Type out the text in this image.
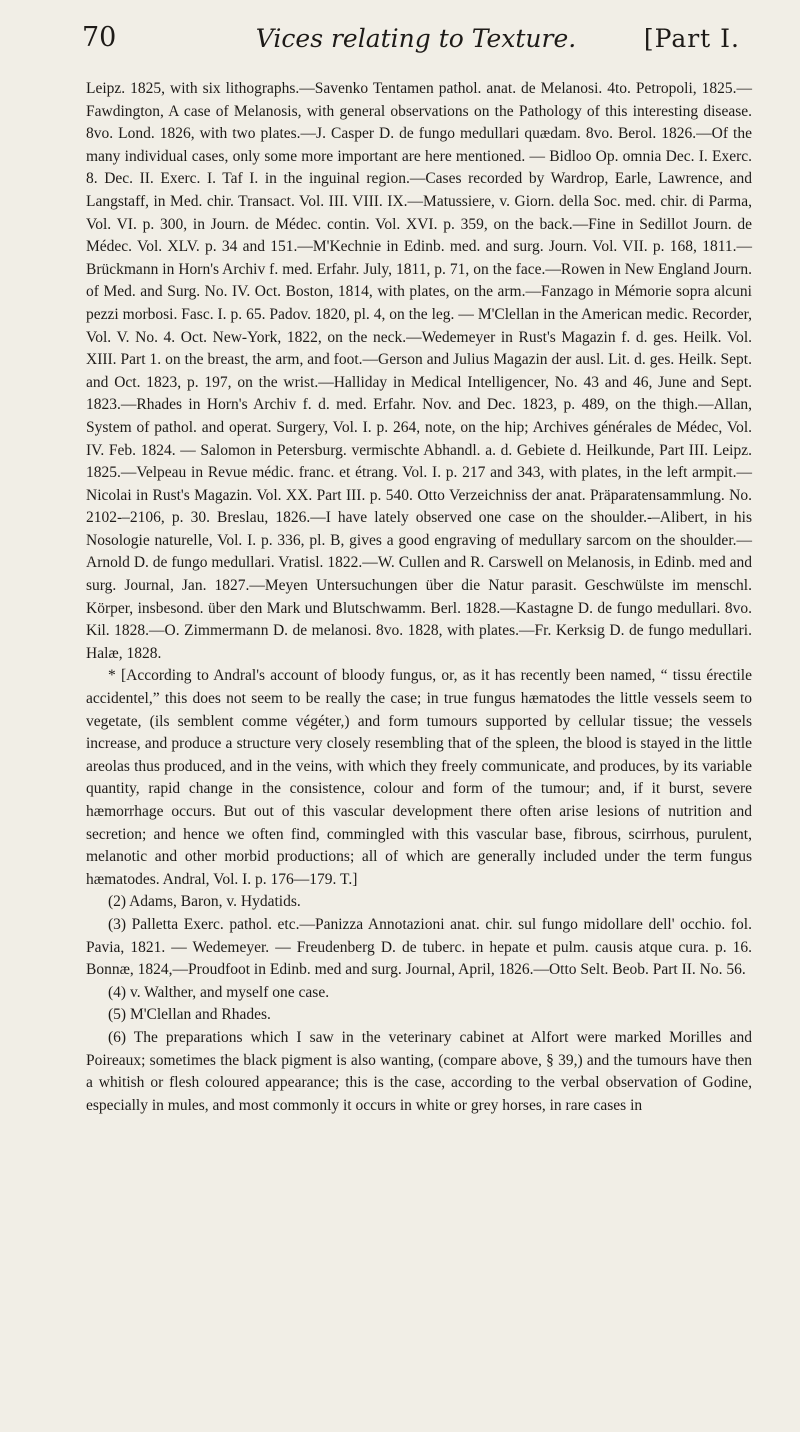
70	Vices relating to Texture.	[Part I.

Leipz. 1825, with six lithographs.—Savenko Tentamen pathol. anat. de Melanosi. 4to. Petropoli, 1825.—Fawdington, A case of Melanosis, with general observations on the Pathology of this interesting disease. 8vo. Lond. 1826, with two plates.—J. Casper D. de fungo medullari quædam. 8vo. Berol. 1826.—Of the many individual cases, only some more important are here mentioned. — Bidloo Op. omnia Dec. I. Exerc. 8. Dec. II. Exerc. I. Taf I. in the inguinal region.—Cases recorded by Wardrop, Earle, Lawrence, and Langstaff, in Med. chir. Transact. Vol. III. VIII. IX.—Matussiere, v. Giorn. della Soc. med. chir. di Parma, Vol. VI. p. 300, in Journ. de Médec. contin. Vol. XVI. p. 359, on the back.—Fine in Sedillot Journ. de Médec. Vol. XLV. p. 34 and 151.—M'Kechnie in Edinb. med. and surg. Journ. Vol. VII. p. 168, 1811.—Brückmann in Horn's Archiv f. med. Erfahr. July, 1811, p. 71, on the face.—Rowen in New England Journ. of Med. and Surg. No. IV. Oct. Boston, 1814, with plates, on the arm.—Fanzago in Mémorie sopra alcuni pezzi morbosi. Fasc. I. p. 65. Padov. 1820, pl. 4, on the leg. — M'Clellan in the American medic. Recorder, Vol. V. No. 4. Oct. New-York, 1822, on the neck.—Wedemeyer in Rust's Magazin f. d. ges. Heilk. Vol. XIII. Part 1. on the breast, the arm, and foot.—Gerson and Julius Magazin der ausl. Lit. d. ges. Heilk. Sept. and Oct. 1823, p. 197, on the wrist.—Halliday in Medical Intelligencer, No. 43 and 46, June and Sept. 1823.—Rhades in Horn's Archiv f. d. med. Erfahr. Nov. and Dec. 1823, p. 489, on the thigh.—Allan, System of pathol. and operat. Surgery, Vol. I. p. 264, note, on the hip; Archives générales de Médec, Vol. IV. Feb. 1824. — Salomon in Petersburg. vermischte Abhandl. a. d. Gebiete d. Heilkunde, Part III. Leipz. 1825.—Velpeau in Revue médic. franc. et étrang. Vol. I. p. 217 and 343, with plates, in the left armpit.—Nicolai in Rust's Magazin. Vol. XX. Part III. p. 540. Otto Verzeichniss der anat. Präparatensammlung. No. 2102-–2106, p. 30. Breslau, 1826.—I have lately observed one case on the shoulder.-–Alibert, in his Nosologie naturelle, Vol. I. p. 336, pl. B, gives a good engraving of medullary sarcom on the shoulder.—Arnold D. de fungo medullari. Vratisl. 1822.—W. Cullen and R. Carswell on Melanosis, in Edinb. med and surg. Journal, Jan. 1827.—Meyen Untersuchungen über die Natur parasit. Geschwülste im menschl. Körper, insbesond. über den Mark und Blutschwamm. Berl. 1828.—Kastagne D. de fungo medullari. 8vo. Kil. 1828.—O. Zimmermann D. de melanosi. 8vo. 1828, with plates.—Fr. Kerksig D. de fungo medullari. Halæ, 1828.

* [According to Andral's account of bloody fungus, or, as it has recently been named, “ tissu érectile accidentel,” this does not seem to be really the case; in true fungus hæmatodes the little vessels seem to vegetate, (ils semblent comme végéter,) and form tumours supported by cellular tissue; the vessels increase, and produce a structure very closely resembling that of the spleen, the blood is stayed in the little areolas thus produced, and in the veins, with which they freely communicate, and produces, by its variable quantity, rapid change in the consistence, colour and form of the tumour; and, if it burst, severe hæmorrhage occurs. But out of this vascular development there often arise lesions of nutrition and secretion; and hence we often find, commingled with this vascular base, fibrous, scirrhous, purulent, melanotic and other morbid productions; all of which are generally included under the term fungus hæmatodes. Andral, Vol. I. p. 176—179. T.]

(2) Adams, Baron, v. Hydatids.

(3) Palletta Exerc. pathol. etc.—Panizza Annotazioni anat. chir. sul fungo midollare dell' occhio. fol. Pavia, 1821. — Wedemeyer. — Freudenberg D. de tuberc. in hepate et pulm. causis atque cura. p. 16. Bonnæ, 1824,—Proudfoot in Edinb. med and surg. Journal, April, 1826.—Otto Selt. Beob. Part II. No. 56.

(4) v. Walther, and myself one case.

(5) M'Clellan and Rhades.

(6) The preparations which I saw in the veterinary cabinet at Alfort were marked Morilles and Poireaux; sometimes the black pigment is also wanting, (compare above, § 39,) and the tumours have then a whitish or flesh coloured appearance; this is the case, according to the verbal observation of Godine, especially in mules, and most commonly it occurs in white or grey horses, in rare cases in
